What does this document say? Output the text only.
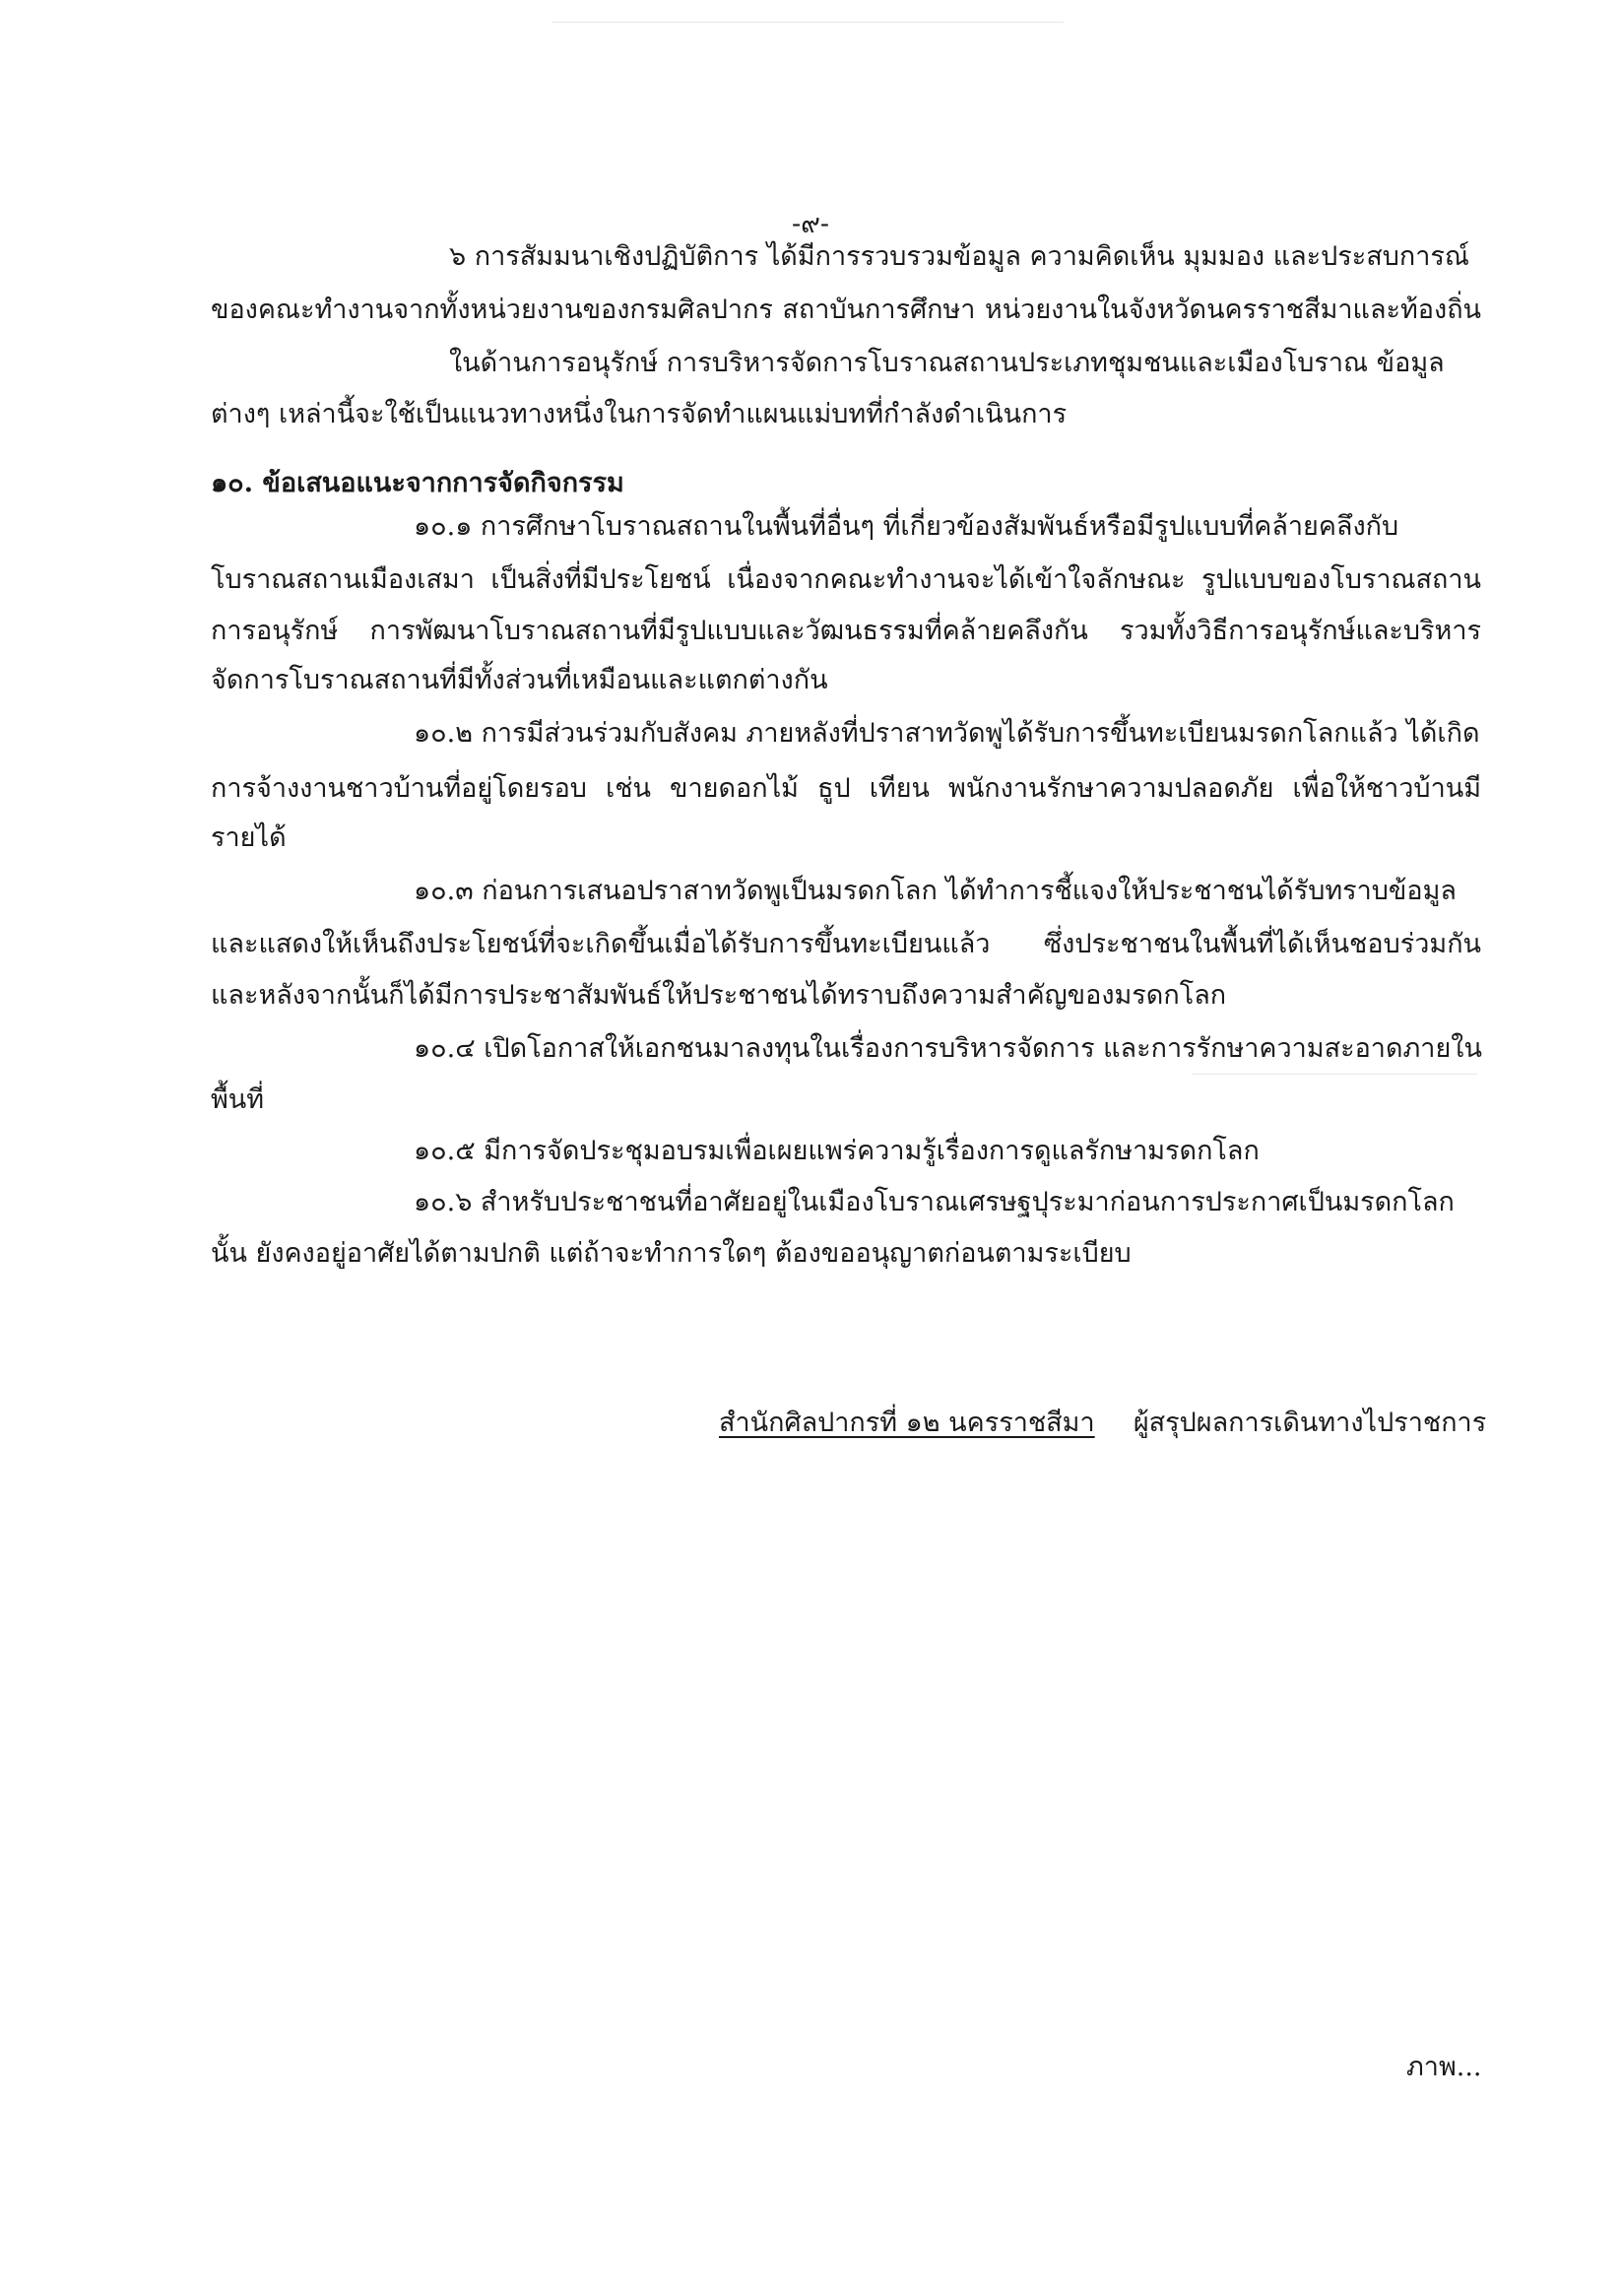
-๙-
๖ การสัมมนาเชิงปฏิบัติการ ได้มีการรวบรวมข้อมูล ความคิดเห็น มุมมอง และประสบการณ์
ของคณะทำงานจากทั้งหน่วยงานของกรมศิลปากร สถาบันการศึกษา หน่วยงานในจังหวัดนครราชสีมาและท้องถิ่น
ในด้านการอนุรักษ์ การบริหารจัดการโบราณสถานประเภทชุมชนและเมืองโบราณ ข้อมูล
ต่างๆ เหล่านี้จะใช้เป็นแนวทางหนึ่งในการจัดทำแผนแม่บทที่กำลังดำเนินการ
๑๐. ข้อเสนอแนะจากการจัดกิจกรรม
๑๐.๑ การศึกษาโบราณสถานในพื้นที่อื่นๆ ที่เกี่ยวข้องสัมพันธ์หรือมีรูปแบบที่คล้ายคลึงกับ
โบราณสถานเมืองเสมา เป็นสิ่งที่มีประโยชน์ เนื่องจากคณะทำงานจะได้เข้าใจลักษณะ รูปแบบของโบราณสถาน
การอนุรักษ์ การพัฒนาโบราณสถานที่มีรูปแบบและวัฒนธรรมที่คล้ายคลึงกัน รวมทั้งวิธีการอนุรักษ์และบริหาร
จัดการโบราณสถานที่มีทั้งส่วนที่เหมือนและแตกต่างกัน
๑๐.๒ การมีส่วนร่วมกับสังคม ภายหลังที่ปราสาทวัดพูได้รับการขึ้นทะเบียนมรดกโลกแล้ว ได้เกิด
การจ้างงานชาวบ้านที่อยู่โดยรอบ เช่น ขายดอกไม้ ธูป เทียน พนักงานรักษาความปลอดภัย เพื่อให้ชาวบ้านมี
รายได้
๑๐.๓ ก่อนการเสนอปราสาทวัดพูเป็นมรดกโลก ได้ทำการชี้แจงให้ประชาชนได้รับทราบข้อมูล
และแสดงให้เห็นถึงประโยชน์ที่จะเกิดขึ้นเมื่อได้รับการขึ้นทะเบียนแล้ว ซึ่งประชาชนในพื้นที่ได้เห็นชอบร่วมกัน
และหลังจากนั้นก็ได้มีการประชาสัมพันธ์ให้ประชาชนได้ทราบถึงความสำคัญของมรดกโลก
๑๐.๔ เปิดโอกาสให้เอกชนมาลงทุนในเรื่องการบริหารจัดการ และการรักษาความสะอาดภายใน
พื้นที่
๑๐.๕ มีการจัดประชุมอบรมเพื่อเผยแพร่ความรู้เรื่องการดูแลรักษามรดกโลก
๑๐.๖ สำหรับประชาชนที่อาศัยอยู่ในเมืองโบราณเศรษฐปุระมาก่อนการประกาศเป็นมรดกโลก
นั้น ยังคงอยู่อาศัยได้ตามปกติ แต่ถ้าจะทำการใดๆ ต้องขออนุญาตก่อนตามระเบียบ
สำนักศิลปากรที่ ๑๒ นครราชสีมา ผู้สรุปผลการเดินทางไปราชการ
ภาพ...
